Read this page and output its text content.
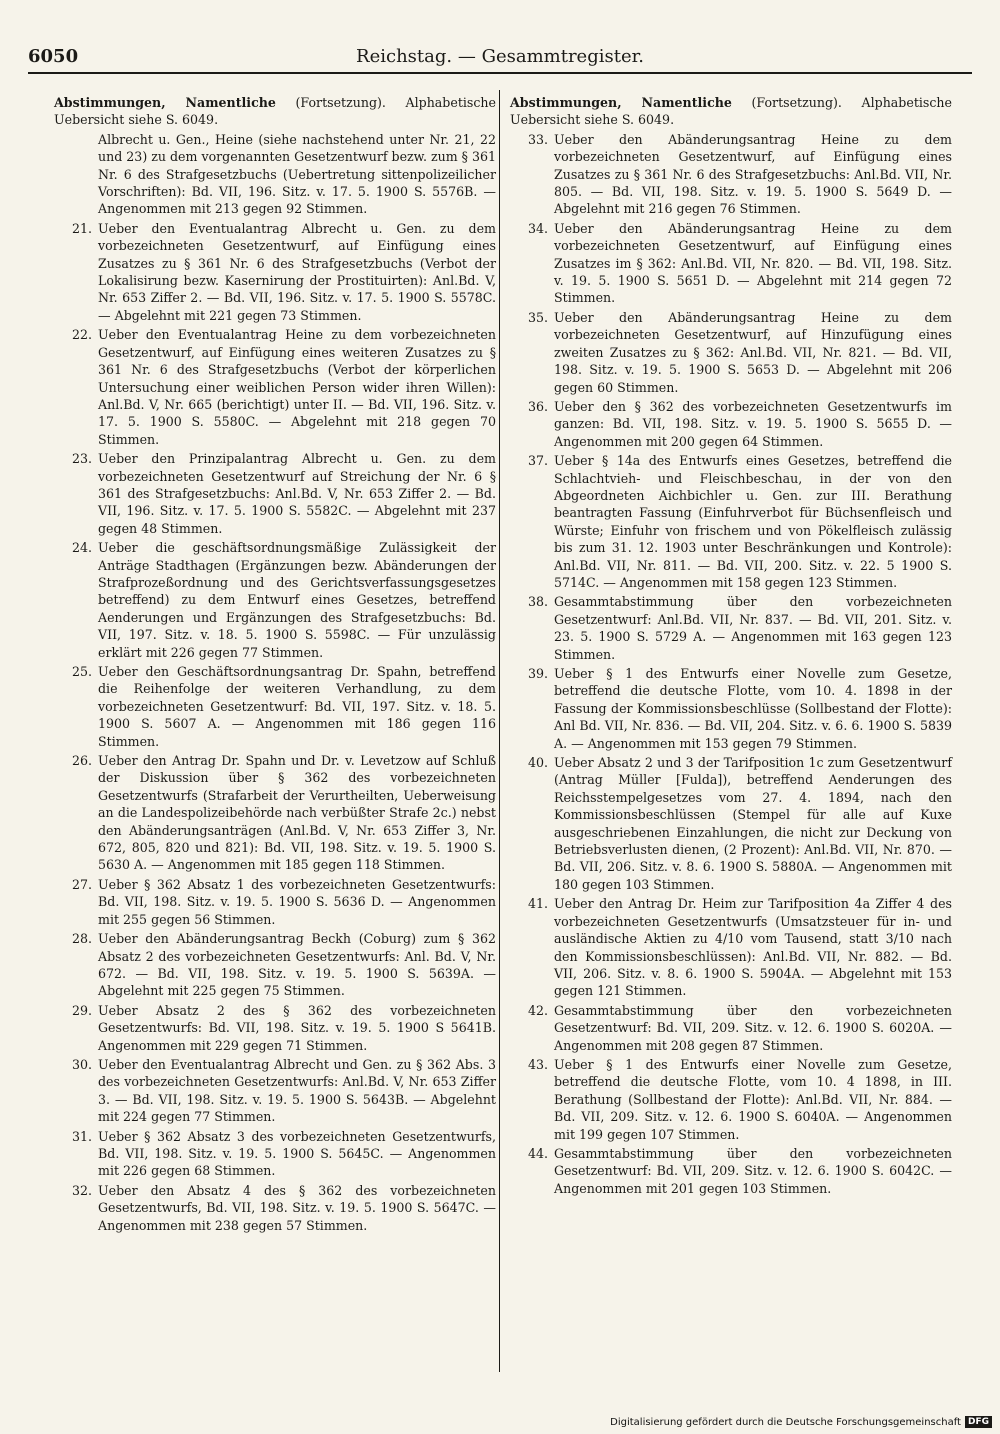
6050	Reichstag. — Gesammtregister.
Abstimmungen, Namentliche (Fortsetzung). Alphabetische Uebersicht siehe S. 6049.
Albrecht u. Gen., Heine (siehe nachstehend unter Nr. 21, 22 und 23) zu dem vorgenannten Gesetzentwurf bezw. zum § 361 Nr. 6 des Strafgesetzbuchs (Uebertretung sittenpolizeilicher Vorschriften): Bd. VII, 196. Sitz. v. 17. 5. 1900 S. 5576B. — Angenommen mit 213 gegen 92 Stimmen.
21. Ueber den Eventualantrag Albrecht u. Gen. zu dem vorbezeichneten Gesetzentwurf, auf Einfügung eines Zusatzes zu § 361 Nr. 6 des Strafgesetzbuchs (Verbot der Lokalisirung bezw. Kasernirung der Prostituirten): Anl.Bd. V, Nr. 653 Ziffer 2. — Bd. VII, 196. Sitz. v. 17. 5. 1900 S. 5578C. — Abgelehnt mit 221 gegen 73 Stimmen.
22. Ueber den Eventualantrag Heine zu dem vorbezeichneten Gesetzentwurf, auf Einfügung eines weiteren Zusatzes zu § 361 Nr. 6 des Strafgesetzbuchs (Verbot der körperlichen Untersuchung einer weiblichen Person wider ihren Willen): Anl.Bd. V, Nr. 665 (berichtigt) unter II. — Bd. VII, 196. Sitz. v. 17. 5. 1900 S. 5580C. — Abgelehnt mit 218 gegen 70 Stimmen.
23. Ueber den Prinzipalantrag Albrecht u. Gen. zu dem vorbezeichneten Gesetzentwurf auf Streichung der Nr. 6 § 361 des Strafgesetzbuchs: Anl.Bd. V, Nr. 653 Ziffer 2. — Bd. VII, 196. Sitz. v. 17. 5. 1900 S. 5582C. — Abgelehnt mit 237 gegen 48 Stimmen.
24. Ueber die geschäftsordnungsmäßige Zulässigkeit der Anträge Stadthagen (Ergänzungen bezw. Abänderungen der Strafprozeßordnung und des Gerichtsverfassungsgesetzes betreffend) zu dem Entwurf eines Gesetzes, betreffend Aenderungen und Ergänzungen des Strafgesetzbuchs: Bd. VII, 197. Sitz. v. 18. 5. 1900 S. 5598C. — Für unzulässig erklärt mit 226 gegen 77 Stimmen.
25. Ueber den Geschäftsordnungsantrag Dr. Spahn, betreffend die Reihenfolge der weiteren Verhandlung, zu dem vorbezeichneten Gesetzentwurf: Bd. VII, 197. Sitz. v. 18. 5. 1900 S. 5607 A. — Angenommen mit 186 gegen 116 Stimmen.
26. Ueber den Antrag Dr. Spahn und Dr. v. Levetzow auf Schluß der Diskussion über § 362 des vorbezeichneten Gesetzentwurfs (Strafarbeit der Verurtheilten, Ueberweisung an die Landespolizeibehörde nach verbüßter Strafe 2c.) nebst den Abänderungsanträgen (Anl.Bd. V, Nr. 653 Ziffer 3, Nr. 672, 805, 820 und 821): Bd. VII, 198. Sitz. v. 19. 5. 1900 S. 5630 A. — Angenommen mit 185 gegen 118 Stimmen.
27. Ueber § 362 Absatz 1 des vorbezeichneten Gesetzentwurfs: Bd. VII, 198. Sitz. v. 19. 5. 1900 S. 5636 D. — Angenommen mit 255 gegen 56 Stimmen.
28. Ueber den Abänderungsantrag Beckh (Coburg) zum § 362 Absatz 2 des vorbezeichneten Gesetzentwurfs: Anl. Bd. V, Nr. 672. — Bd. VII, 198. Sitz. v. 19. 5. 1900 S. 5639A. — Abgelehnt mit 225 gegen 75 Stimmen.
29. Ueber Absatz 2 des § 362 des vorbezeichneten Gesetzentwurfs: Bd. VII, 198. Sitz. v. 19. 5. 1900 S 5641B. Angenommen mit 229 gegen 71 Stimmen.
30. Ueber den Eventualantrag Albrecht und Gen. zu § 362 Abs. 3 des vorbezeichneten Gesetzentwurfs: Anl.Bd. V, Nr. 653 Ziffer 3. — Bd. VII, 198. Sitz. v. 19. 5. 1900 S. 5643B. — Abgelehnt mit 224 gegen 77 Stimmen.
31. Ueber § 362 Absatz 3 des vorbezeichneten Gesetzentwurfs, Bd. VII, 198. Sitz. v. 19. 5. 1900 S. 5645C. — Angenommen mit 226 gegen 68 Stimmen.
32. Ueber den Absatz 4 des § 362 des vorbezeichneten Gesetzentwurfs, Bd. VII, 198. Sitz. v. 19. 5. 1900 S. 5647C. — Angenommen mit 238 gegen 57 Stimmen.
Abstimmungen, Namentliche (Fortsetzung). Alphabetische Uebersicht siehe S. 6049.
33. Ueber den Abänderungsantrag Heine zu dem vorbezeichneten Gesetzentwurf, auf Einfügung eines Zusatzes zu § 361 Nr. 6 des Strafgesetzbuchs: Anl.Bd. VII, Nr. 805. — Bd. VII, 198. Sitz. v. 19. 5. 1900 S. 5649 D. — Abgelehnt mit 216 gegen 76 Stimmen.
34. Ueber den Abänderungsantrag Heine zu dem vorbezeichneten Gesetzentwurf, auf Einfügung eines Zusatzes im § 362: Anl.Bd. VII, Nr. 820. — Bd. VII, 198. Sitz. v. 19. 5. 1900 S. 5651 D. — Abgelehnt mit 214 gegen 72 Stimmen.
35. Ueber den Abänderungsantrag Heine zu dem vorbezeichneten Gesetzentwurf, auf Hinzufügung eines zweiten Zusatzes zu § 362: Anl.Bd. VII, Nr. 821. — Bd. VII, 198. Sitz. v. 19. 5. 1900 S. 5653 D. — Abgelehnt mit 206 gegen 60 Stimmen.
36. Ueber den § 362 des vorbezeichneten Gesetzentwurfs im ganzen: Bd. VII, 198. Sitz. v. 19. 5. 1900 S. 5655 D. — Angenommen mit 200 gegen 64 Stimmen.
37. Ueber § 14a des Entwurfs eines Gesetzes, betreffend die Schlachtvieh- und Fleischbeschau, in der von den Abgeordneten Aichbichler u. Gen. zur III. Berathung beantragten Fassung (Einfuhrverbot für Büchsenfleisch und Würste; Einfuhr von frischem und von Pökelfleisch zulässig bis zum 31. 12. 1903 unter Beschränkungen und Kontrole): Anl.Bd. VII, Nr. 811. — Bd. VII, 200. Sitz. v. 22. 5 1900 S. 5714C. — Angenommen mit 158 gegen 123 Stimmen.
38. Gesammtabstimmung über den vorbezeichneten Gesetzentwurf: Anl.Bd. VII, Nr. 837. — Bd. VII, 201. Sitz. v. 23. 5. 1900 S. 5729 A. — Angenommen mit 163 gegen 123 Stimmen.
39. Ueber § 1 des Entwurfs einer Novelle zum Gesetze, betreffend die deutsche Flotte, vom 10. 4. 1898 in der Fassung der Kommissionsbeschlüsse (Sollbestand der Flotte): Anl Bd. VII, Nr. 836. — Bd. VII, 204. Sitz. v. 6. 6. 1900 S. 5839 A. — Angenommen mit 153 gegen 79 Stimmen.
40. Ueber Absatz 2 und 3 der Tarifposition 1c zum Gesetzentwurf (Antrag Müller [Fulda]), betreffend Aenderungen des Reichsstempelgesetzes vom 27. 4. 1894, nach den Kommissionsbeschlüssen (Stempel für alle auf Kuxe ausgeschriebenen Einzahlungen, die nicht zur Deckung von Betriebsverlusten dienen, (2 Prozent): Anl.Bd. VII, Nr. 870. — Bd. VII, 206. Sitz. v. 8. 6. 1900 S. 5880A. — Angenommen mit 180 gegen 103 Stimmen.
41. Ueber den Antrag Dr. Heim zur Tarifposition 4a Ziffer 4 des vorbezeichneten Gesetzentwurfs (Umsatzsteuer für in- und ausländische Aktien zu 4/10 vom Tausend, statt 3/10 nach den Kommissionsbeschlüssen): Anl.Bd. VII, Nr. 882. — Bd. VII, 206. Sitz. v. 8. 6. 1900 S. 5904A. — Abgelehnt mit 153 gegen 121 Stimmen.
42. Gesammtabstimmung über den vorbezeichneten Gesetzentwurf: Bd. VII, 209. Sitz. v. 12. 6. 1900 S. 6020A. — Angenommen mit 208 gegen 87 Stimmen.
43. Ueber § 1 des Entwurfs einer Novelle zum Gesetze, betreffend die deutsche Flotte, vom 10. 4 1898, in III. Berathung (Sollbestand der Flotte): Anl.Bd. VII, Nr. 884. — Bd. VII, 209. Sitz. v. 12. 6. 1900 S. 6040A. — Angenommen mit 199 gegen 107 Stimmen.
44. Gesammtabstimmung über den vorbezeichneten Gesetzentwurf: Bd. VII, 209. Sitz. v. 12. 6. 1900 S. 6042C. — Angenommen mit 201 gegen 103 Stimmen.
Digitalisierung gefördert durch die Deutsche Forschungsgemeinschaft DFG
